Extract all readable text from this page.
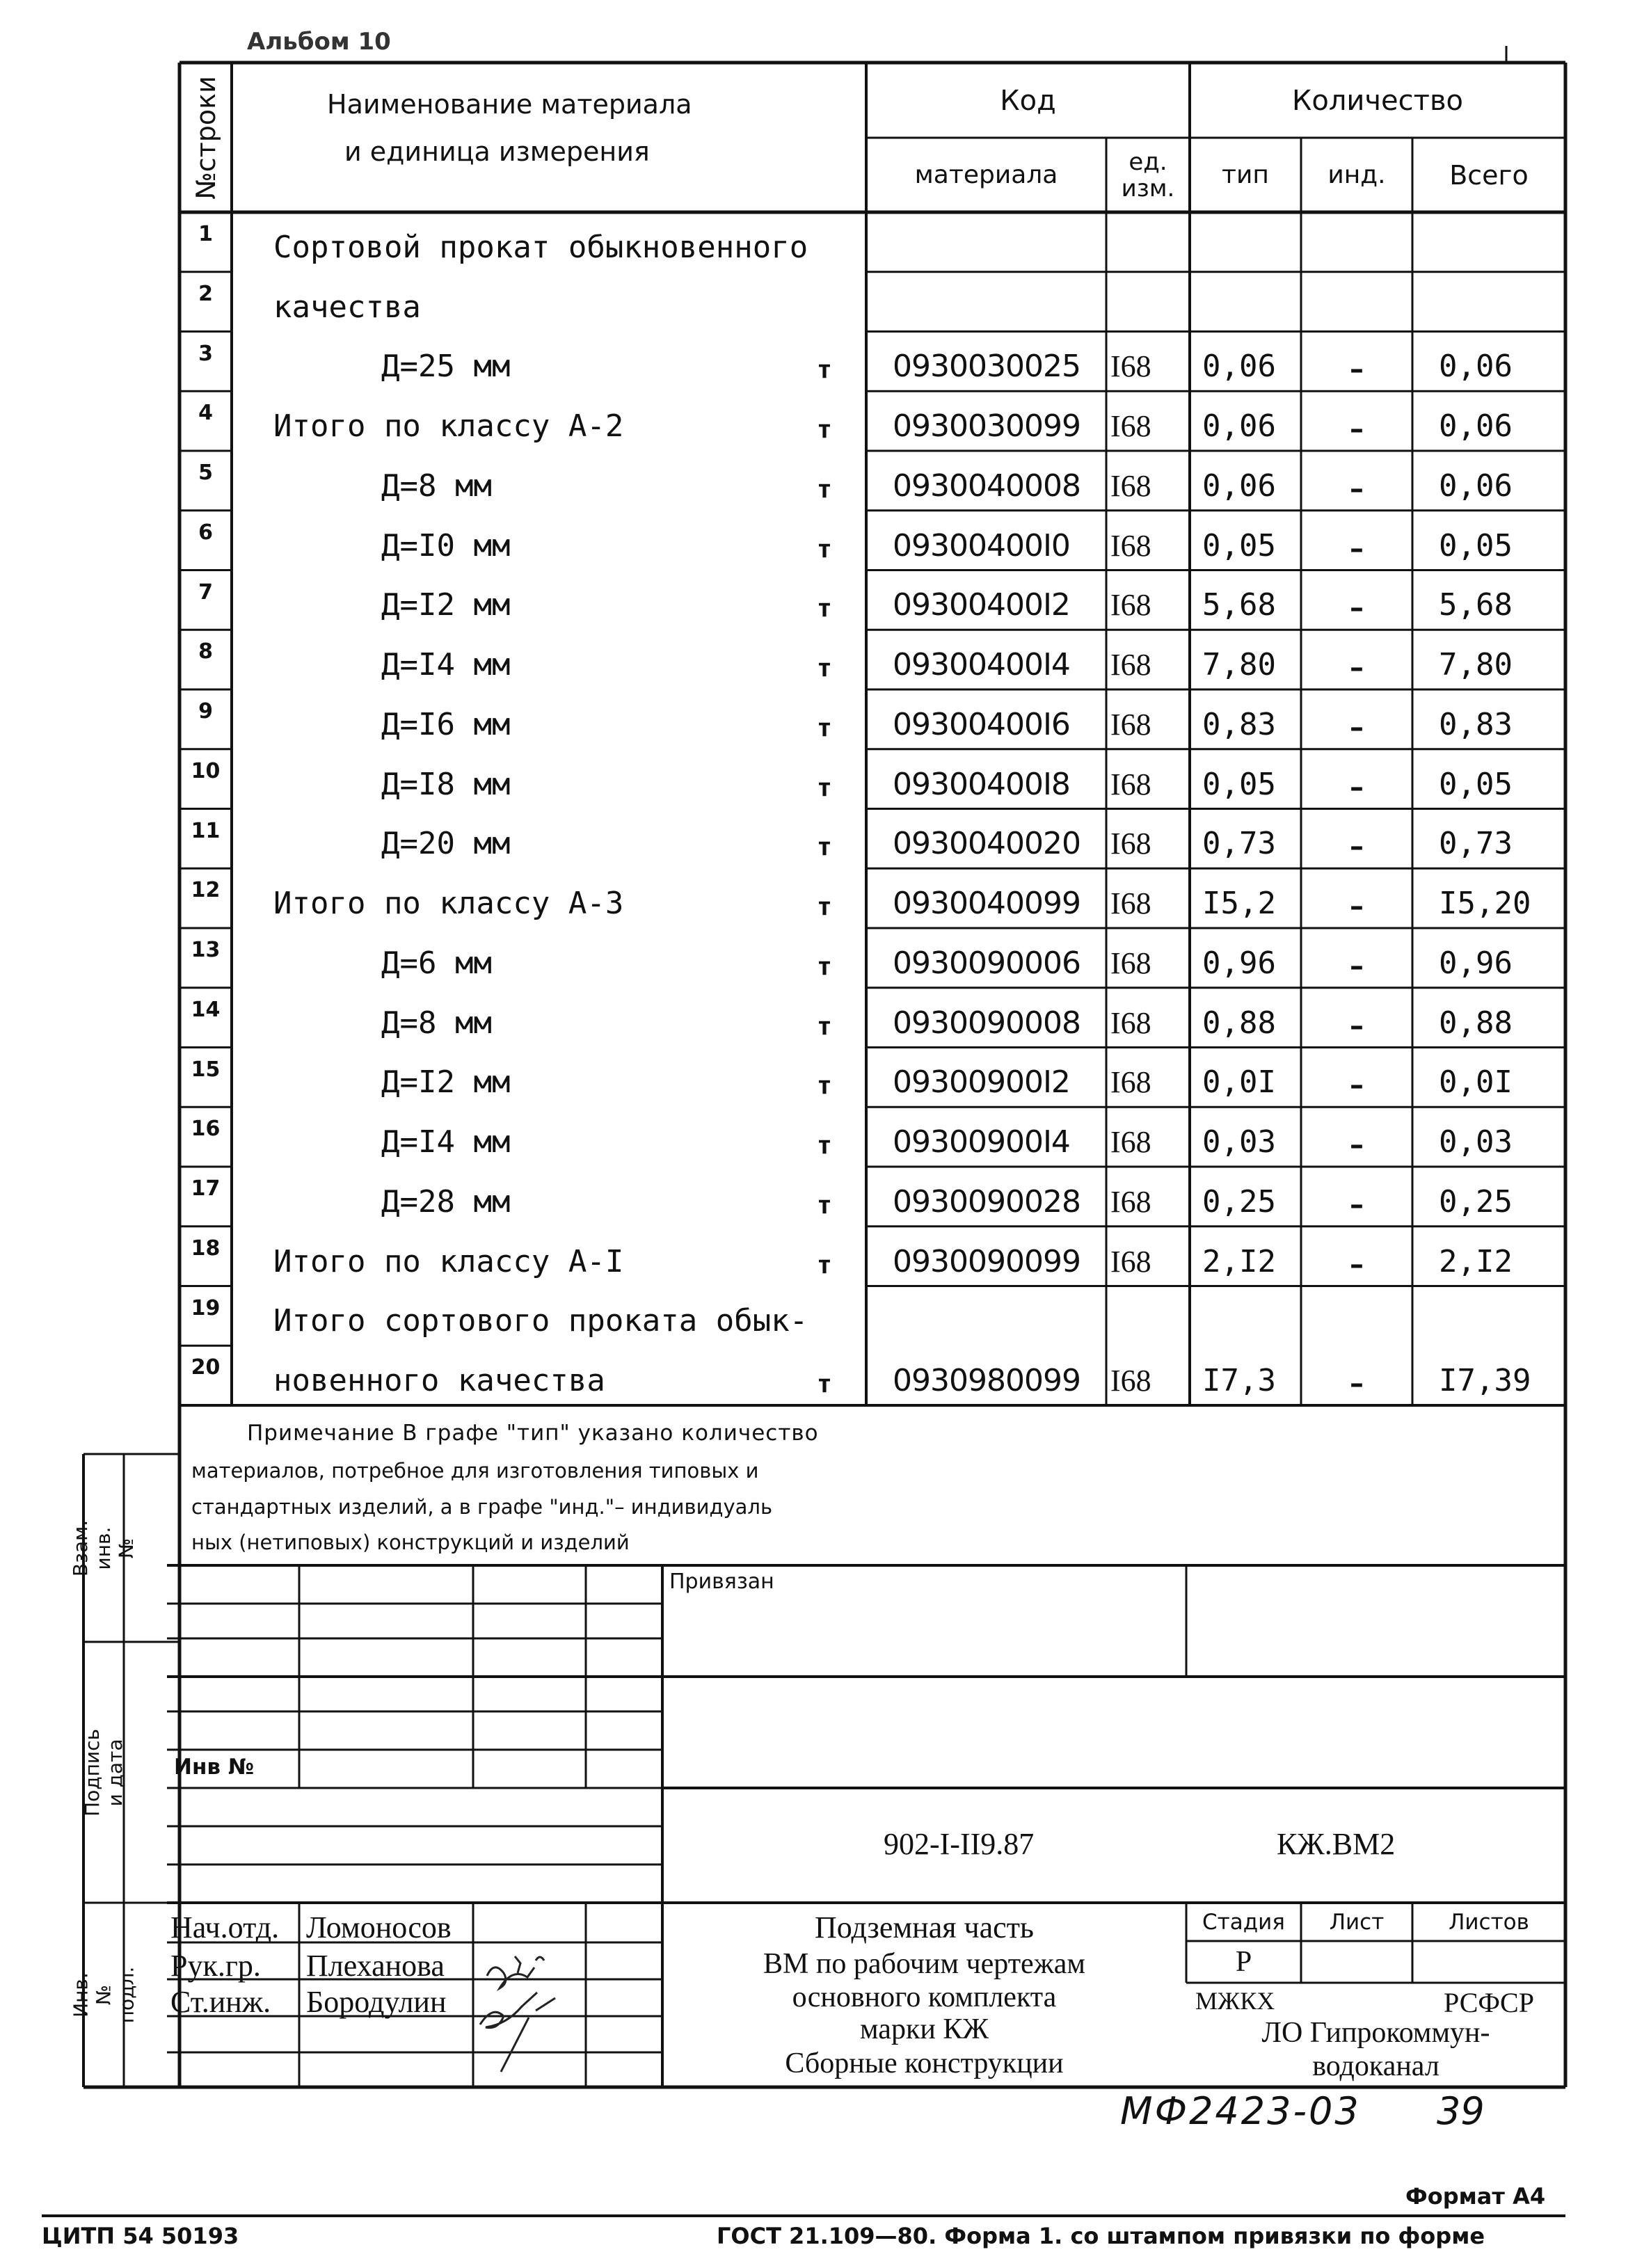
Альбом 10
№строки	Наименование материала
и единица измерения
Код	Количество
материала	ед.
изм.	тип	инд.	Всего
1	Сортовой прокат обыкновенного
2	качества
3	Д=25 мм	т	0930030025 I68	0,06	–	0,06
4	Итого по классу А-2	т	0930030099 I68	0,06	–	0,06
5	Д=8 мм	т	0930040008 I68	0,06	–	0,06
6	Д=I0 мм	т	09300400I0	I68	0,05	–	0,05
7	Д=I2 мм	т	09300400I2	I68	5,68	–	5,68
8	Д=I4 мм	т	09300400I4	I68	7,80	–	7,80
9	Д=I6 мм	т	09300400I6	I68	0,83	–	0,83
10	Д=I8 мм	т	09300400I8	I68	0,05	–	0,05
11	Д=20 мм	т	0930040020 I68	0,73	–	0,73
12	Итого по классу А-3	т	0930040099 I68	I5,2	–	I5,20
13	Д=6 мм	т	0930090006 I68	0,96	–	0,96
14	Д=8 мм	т	0930090008 I68	0,88	–	0,88
15	Д=I2 мм	т	09300900I2	I68	0,0I	–	0,0I
16	Д=I4 мм	т	09300900I4	I68	0,03	–	0,03
17	Д=28 мм	т	0930090028 I68	0,25	–	0,25
18	Итого по классу А-I	т	0930090099 I68	2,I2	–	2,I2
19	Итого сортового проката обык-
20	новенного качества	т	0930980099 I68	I7,3	–	I7,39
Примечание В графе "тип" указано количество
материалов, потребное для изготовления типовых и
стандартных изделий, а в графе "инд."– индивидуаль
ных (нетиповых) конструкций и изделий
Взам. инв. №
Подпись и дата
Инв. № подл.
Привязан
Инв №
902-I-II9.87	КЖ.ВМ2
Нач.отд. Ломоносов
Рук.гр. Плеханова
Ст.инж. Бородулин
Подземная часть
ВМ по рабочим чертежам
основного комплекта
марки КЖ
Сборные конструкции
Стадия	Лист	Листов
Р
МЖКХ	РСФСР
ЛО Гипрокоммун-
водоканал
МФ2423-03 39
Формат А4
ЦИТП 54 50193	ГОСТ 21.109—80. Форма 1. со штампом привязки по форме
